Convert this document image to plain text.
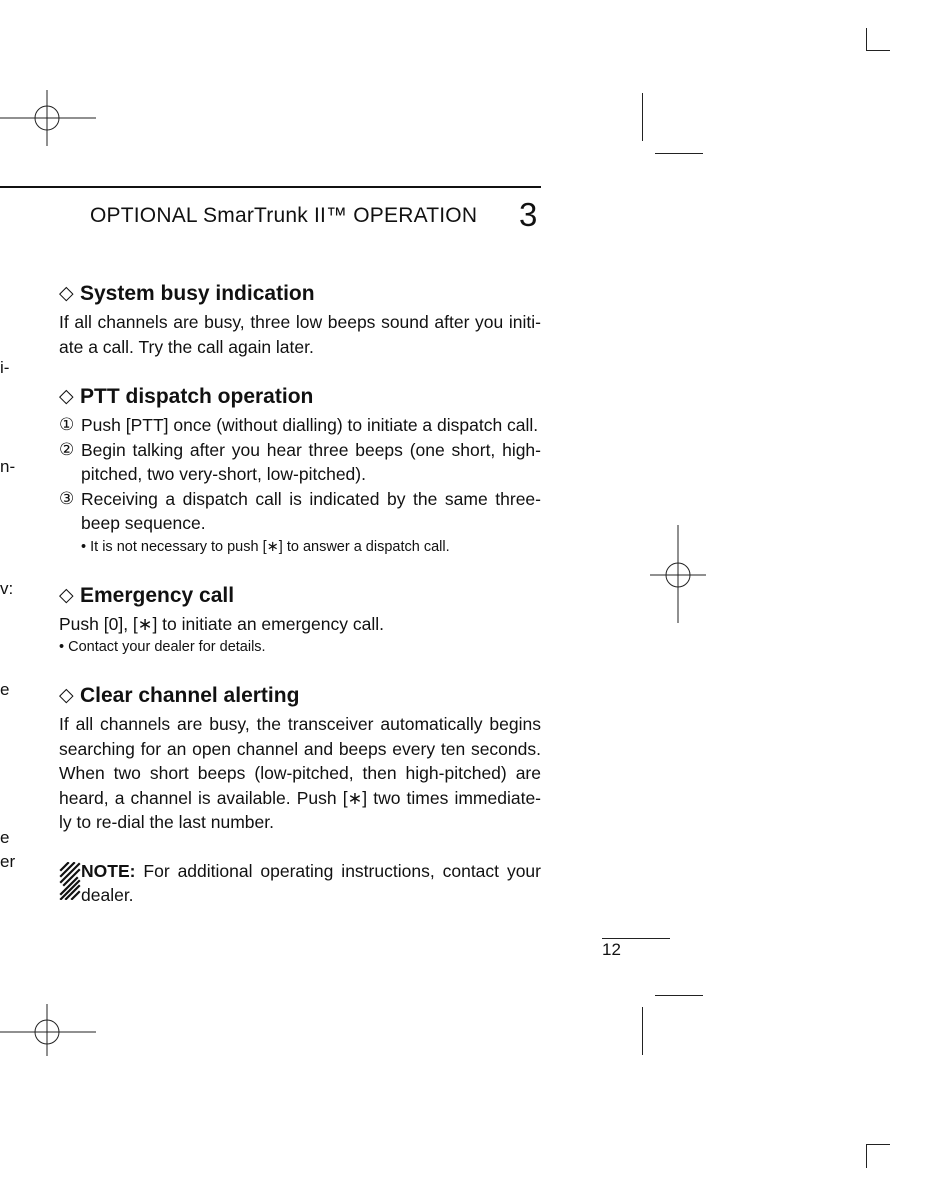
i-
n-
v:
e
e
er
OPTIONAL SmarTrunk II™ OPERATION 3
◇ System busy indication

If all channels are busy, three low beeps sound after you initi-ate a call. Try the call again later.

◇ PTT dispatch operation
① Push [PTT] once (without dialling) to initiate a dispatch call.
② Begin talking after you hear three beeps (one short, high-pitched, two very-short, low-pitched).
③ Receiving a dispatch call is indicated by the same three-beep sequence.
• It is not necessary to push [∗] to answer a dispatch call.
◇ Emergency call

Push [0], [∗] to initiate an emergency call.

• Contact your dealer for details.
◇ Clear channel alerting

If all channels are busy, the transceiver automatically begins searching for an open channel and beeps every ten seconds. When two short beeps (low-pitched, then high-pitched) are heard, a channel is available. Push [∗] two times immediate-ly to re-dial the last number.

NOTE: For additional operating instructions, contact your dealer.
12
